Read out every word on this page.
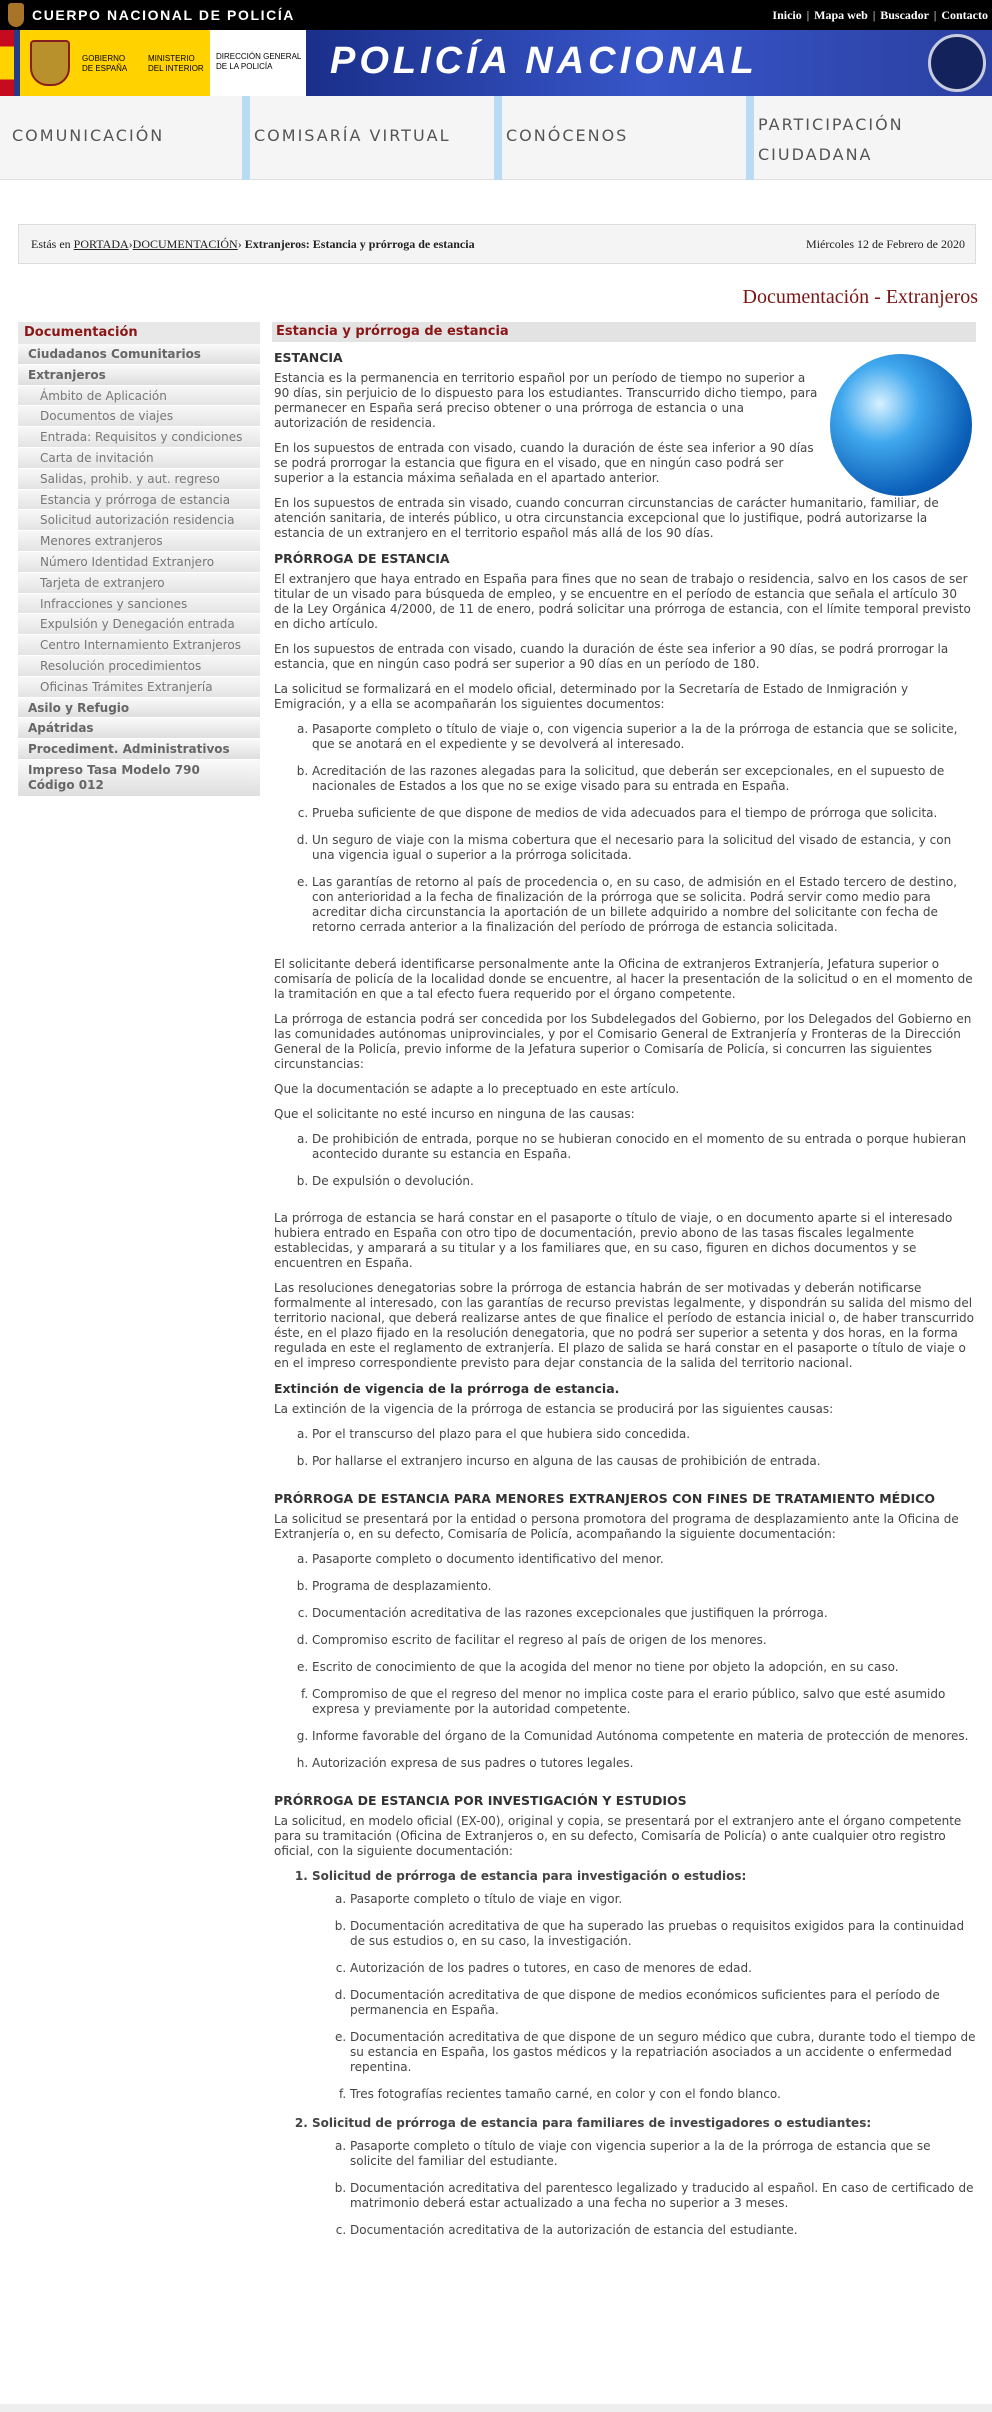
CUERPO NACIONAL DE POLICÍA	Inicio | Mapa web | Buscador | Contacto
GOBIERNO
DE ESPAÑA
MINISTERIO
DEL INTERIOR
DIRECCIÓN GENERAL
DE LA POLICÍA	POLICÍA NACIONAL
COMUNICACIÓN	COMISARÍA VIRTUAL	CONÓCENOS
PARTICIPACIÓN CIUDADANA
Estás en PORTADA›DOCUMENTACIÓN› Extranjeros: Estancia y prórroga de estancia	Miércoles 12 de Febrero de 2020
Documentación - Extranjeros
Documentación
Ciudadanos Comunitarios
Extranjeros
Ámbito de Aplicación
Documentos de viajes
Entrada: Requisitos y condiciones
Carta de invitación
Salidas, prohib. y aut. regreso
Estancia y prórroga de estancia
Solicitud autorización residencia
Menores extranjeros
Número Identidad Extranjero
Tarjeta de extranjero
Infracciones y sanciones
Expulsión y Denegación entrada
Centro Internamiento Extranjeros
Resolución procedimientos
Oficinas Trámites Extranjería
Asilo y Refugio
Apátridas
Procediment. Administrativos
Impreso Tasa Modelo 790 Código 012
Estancia y prórroga de estancia
ESTANCIA

Estancia es la permanencia en territorio español por un período de tiempo no superior a 90 días, sin perjuicio de lo dispuesto para los estudiantes. Transcurrido dicho tiempo, para permanecer en España será preciso obtener o una prórroga de estancia o una autorización de residencia.

En los supuestos de entrada con visado, cuando la duración de éste sea inferior a 90 días se podrá prorrogar la estancia que figura en el visado, que en ningún caso podrá ser superior a la estancia máxima señalada en el apartado anterior.

En los supuestos de entrada sin visado, cuando concurran circunstancias de carácter humanitario, familiar, de atención sanitaria, de interés público, u otra circunstancia excepcional que lo justifique, podrá autorizarse la estancia de un extranjero en el territorio español más allá de los 90 días.

PRÓRROGA DE ESTANCIA

El extranjero que haya entrado en España para fines que no sean de trabajo o residencia, salvo en los casos de ser titular de un visado para búsqueda de empleo, y se encuentre en el período de estancia que señala el artículo 30 de la Ley Orgánica 4/2000, de 11 de enero, podrá solicitar una prórroga de estancia, con el límite temporal previsto en dicho artículo.

En los supuestos de entrada con visado, cuando la duración de éste sea inferior a 90 días, se podrá prorrogar la estancia, que en ningún caso podrá ser superior a 90 días en un período de 180.

La solicitud se formalizará en el modelo oficial, determinado por la Secretaría de Estado de Inmigración y Emigración, y a ella se acompañarán los siguientes documentos:

a. Pasaporte completo o título de viaje o, con vigencia superior a la de la prórroga de estancia que se solicite, que se anotará en el expediente y se devolverá al interesado.
b. Acreditación de las razones alegadas para la solicitud, que deberán ser excepcionales, en el supuesto de nacionales de Estados a los que no se exige visado para su entrada en España.
c. Prueba suficiente de que dispone de medios de vida adecuados para el tiempo de prórroga que solicita.
d. Un seguro de viaje con la misma cobertura que el necesario para la solicitud del visado de estancia, y con una vigencia igual o superior a la prórroga solicitada.
e. Las garantías de retorno al país de procedencia o, en su caso, de admisión en el Estado tercero de destino, con anterioridad a la fecha de finalización de la prórroga que se solicita. Podrá servir como medio para acreditar dicha circunstancia la aportación de un billete adquirido a nombre del solicitante con fecha de retorno cerrada anterior a la finalización del período de prórroga de estancia solicitada.

El solicitante deberá identificarse personalmente ante la Oficina de extranjeros Extranjería, Jefatura superior o comisaría de policía de la localidad donde se encuentre, al hacer la presentación de la solicitud o en el momento de la tramitación en que a tal efecto fuera requerido por el órgano competente.

La prórroga de estancia podrá ser concedida por los Subdelegados del Gobierno, por los Delegados del Gobierno en las comunidades autónomas uniprovinciales, y por el Comisario General de Extranjería y Fronteras de la Dirección General de la Policía, previo informe de la Jefatura superior o Comisaría de Policía, si concurren las siguientes circunstancias:

Que la documentación se adapte a lo preceptuado en este artículo.

Que el solicitante no esté incurso en ninguna de las causas:

a. De prohibición de entrada, porque no se hubieran conocido en el momento de su entrada o porque hubieran acontecido durante su estancia en España.
b. De expulsión o devolución.

La prórroga de estancia se hará constar en el pasaporte o título de viaje, o en documento aparte si el interesado hubiera entrado en España con otro tipo de documentación, previo abono de las tasas fiscales legalmente establecidas, y amparará a su titular y a los familiares que, en su caso, figuren en dichos documentos y se encuentren en España.

Las resoluciones denegatorias sobre la prórroga de estancia habrán de ser motivadas y deberán notificarse formalmente al interesado, con las garantías de recurso previstas legalmente, y dispondrán su salida del mismo del territorio nacional, que deberá realizarse antes de que finalice el período de estancia inicial o, de haber transcurrido éste, en el plazo fijado en la resolución denegatoria, que no podrá ser superior a setenta y dos horas, en la forma regulada en este el reglamento de extranjería. El plazo de salida se hará constar en el pasaporte o título de viaje o en el impreso correspondiente previsto para dejar constancia de la salida del territorio nacional.

Extinción de vigencia de la prórroga de estancia.

La extinción de la vigencia de la prórroga de estancia se producirá por las siguientes causas:

a. Por el transcurso del plazo para el que hubiera sido concedida.
b. Por hallarse el extranjero incurso en alguna de las causas de prohibición de entrada.
PRÓRROGA DE ESTANCIA PARA MENORES EXTRANJEROS CON FINES DE TRATAMIENTO MÉDICO

La solicitud se presentará por la entidad o persona promotora del programa de desplazamiento ante la Oficina de Extranjería o, en su defecto, Comisaría de Policía, acompañando la siguiente documentación:

a. Pasaporte completo o documento identificativo del menor.
b. Programa de desplazamiento.
c. Documentación acreditativa de las razones excepcionales que justifiquen la prórroga.
d. Compromiso escrito de facilitar el regreso al país de origen de los menores.
e. Escrito de conocimiento de que la acogida del menor no tiene por objeto la adopción, en su caso.
f. Compromiso de que el regreso del menor no implica coste para el erario público, salvo que esté asumido expresa y previamente por la autoridad competente.
g. Informe favorable del órgano de la Comunidad Autónoma competente en materia de protección de menores.
h. Autorización expresa de sus padres o tutores legales.
PRÓRROGA DE ESTANCIA POR INVESTIGACIÓN Y ESTUDIOS

La solicitud, en modelo oficial (EX-00), original y copia, se presentará por el extranjero ante el órgano competente para su tramitación (Oficina de Extranjeros o, en su defecto, Comisaría de Policía) o ante cualquier otro registro oficial, con la siguiente documentación:

1. Solicitud de prórroga de estancia para investigación o estudios:
a. Pasaporte completo o título de viaje en vigor.
b. Documentación acreditativa de que ha superado las pruebas o requisitos exigidos para la continuidad de sus estudios o, en su caso, la investigación.
c. Autorización de los padres o tutores, en caso de menores de edad.
d. Documentación acreditativa de que dispone de medios económicos suficientes para el período de permanencia en España.
e. Documentación acreditativa de que dispone de un seguro médico que cubra, durante todo el tiempo de su estancia en España, los gastos médicos y la repatriación asociados a un accidente o enfermedad repentina.
f. Tres fotografías recientes tamaño carné, en color y con el fondo blanco.
2. Solicitud de prórroga de estancia para familiares de investigadores o estudiantes:
a. Pasaporte completo o título de viaje con vigencia superior a la de la prórroga de estancia que se solicite del familiar del estudiante.
b. Documentación acreditativa del parentesco legalizado y traducido al español. En caso de certificado de matrimonio deberá estar actualizado a una fecha no superior a 3 meses.
c. Documentación acreditativa de la autorización de estancia del estudiante.
